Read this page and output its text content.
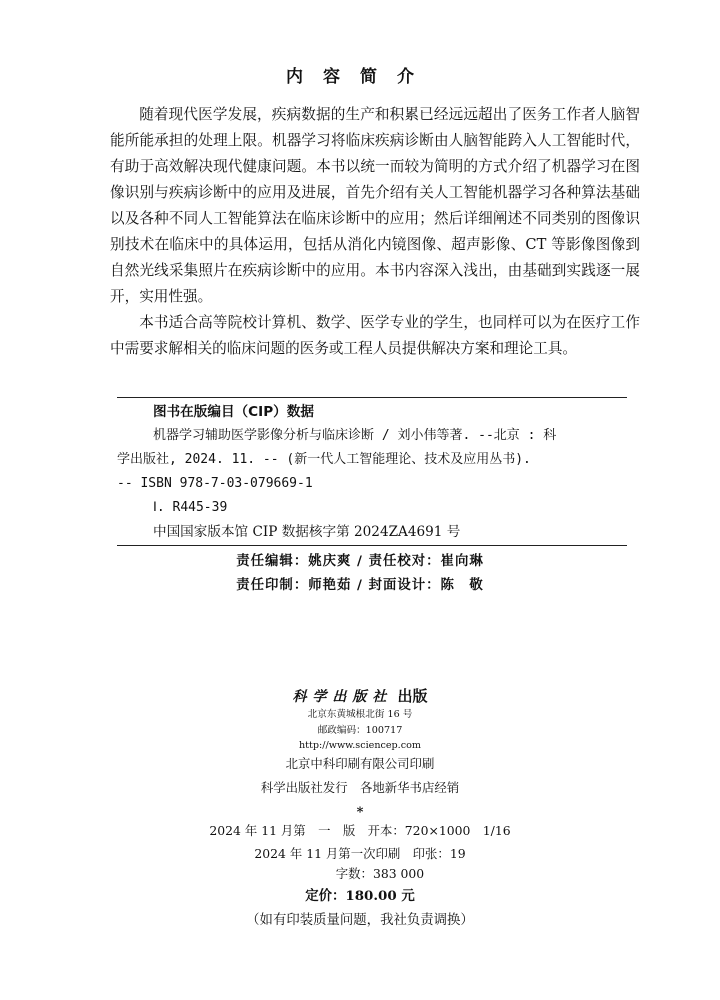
内容简介

随着现代医学发展，疾病数据的生产和积累已经远远超出了医务工作者人脑智能所能承担的处理上限。机器学习将临床疾病诊断由人脑智能跨入人工智能时代，有助于高效解决现代健康问题。本书以统一而较为简明的方式介绍了机器学习在图像识别与疾病诊断中的应用及进展，首先介绍有关人工智能机器学习各种算法基础以及各种不同人工智能算法在临床诊断中的应用；然后详细阐述不同类别的图像识别技术在临床中的具体运用，包括从消化内镜图像、超声影像、CT 等影像图像到自然光线采集照片在疾病诊断中的应用。本书内容深入浅出，由基础到实践逐一展开，实用性强。

本书适合高等院校计算机、数学、医学专业的学生，也同样可以为在医疗工作中需要求解相关的临床问题的医务或工程人员提供解决方案和理论工具。

图书在版编目（CIP）数据
机器学习辅助医学影像分析与临床诊断 / 刘小伟等著. --北京 : 科
学出版社, 2024. 11. -- (新一代人工智能理论、技术及应用丛书).
-- ISBN 978-7-03-079669-1
Ⅰ. R445-39
中国国家版本馆 CIP 数据核字第 2024ZA4691 号
责任编辑：姚庆爽 / 责任校对：崔向琳
责任印制：师艳茹 / 封面设计：陈　敬
科学出版社 出版
北京东黄城根北街 16 号
邮政编码：100717
http://www.sciencep.com
北京中科印刷有限公司印刷
科学出版社发行　各地新华书店经销
*
2024 年 11 月第　一　版　开本：720×1000　1/16
2024 年 11 月第一次印刷　印张：19
字数：383 000
定价：180.00 元
（如有印装质量问题，我社负责调换）
